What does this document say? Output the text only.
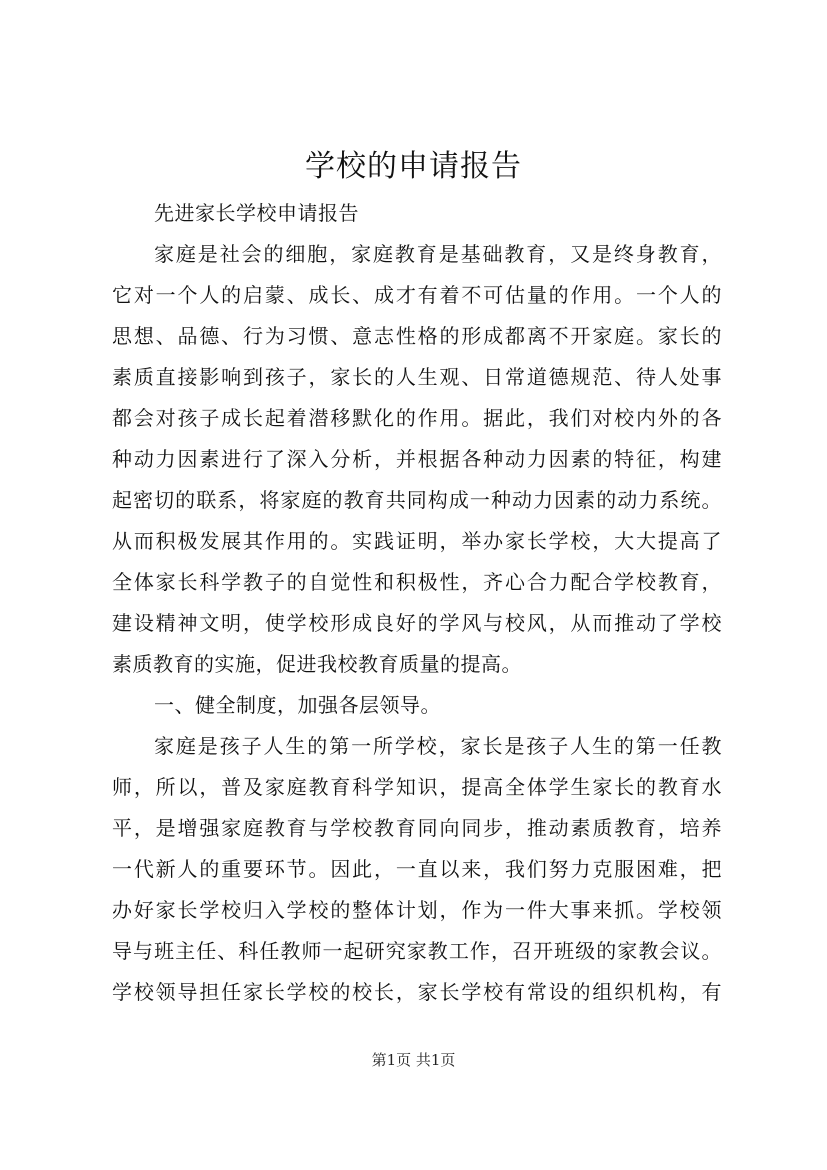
学校的申请报告
先进家长学校申请报告
家庭是社会的细胞，家庭教育是基础教育，又是终身教育，
它对一个人的启蒙、成长、成才有着不可估量的作用。一个人的
思想、品德、行为习惯、意志性格的形成都离不开家庭。家长的
素质直接影响到孩子，家长的人生观、日常道德规范、待人处事
都会对孩子成长起着潜移默化的作用。据此，我们对校内外的各
种动力因素进行了深入分析，并根据各种动力因素的特征，构建
起密切的联系，将家庭的教育共同构成一种动力因素的动力系统。
从而积极发展其作用的。实践证明，举办家长学校，大大提高了
全体家长科学教子的自觉性和积极性，齐心合力配合学校教育，
建设精神文明，使学校形成良好的学风与校风，从而推动了学校
素质教育的实施，促进我校教育质量的提高。
一、健全制度，加强各层领导。
家庭是孩子人生的第一所学校，家长是孩子人生的第一任教
师，所以，普及家庭教育科学知识，提高全体学生家长的教育水
平，是增强家庭教育与学校教育同向同步，推动素质教育，培养
一代新人的重要环节。因此，一直以来，我们努力克服困难，把
办好家长学校归入学校的整体计划，作为一件大事来抓。学校领
导与班主任、科任教师一起研究家教工作，召开班级的家教会议。
学校领导担任家长学校的校长，家长学校有常设的组织机构，有
第1页 共1页
